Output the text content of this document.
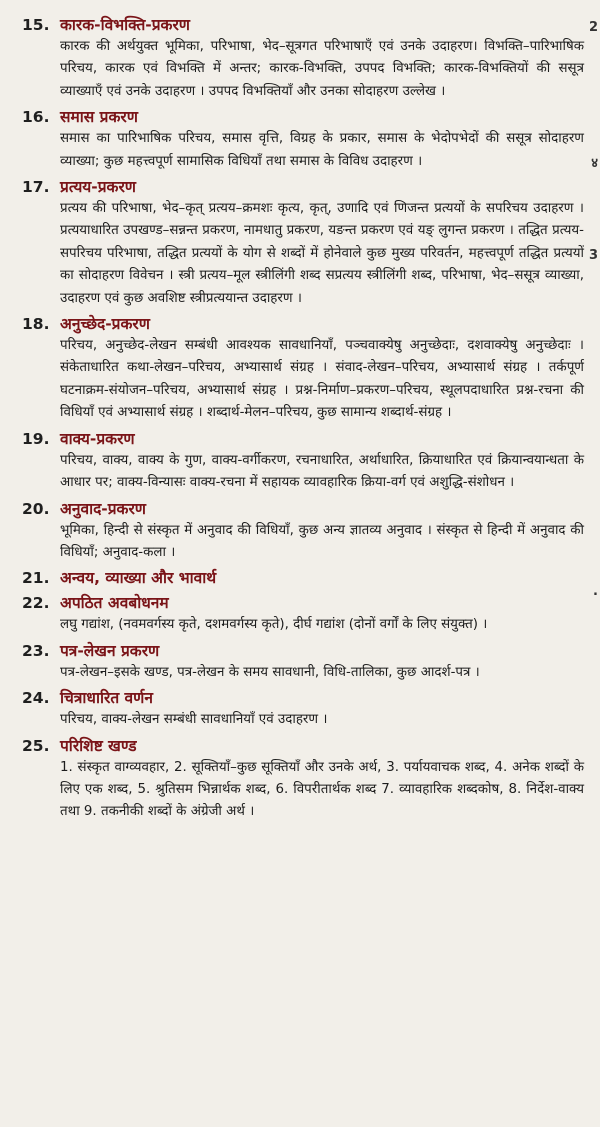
2
४
3
.
15. कारक-विभक्ति-प्रकरण
कारक की अर्थयुक्त भूमिका, परिभाषा, भेद–सूत्रगत परिभाषाएँ एवं उनके उदाहरण। विभक्ति–पारिभाषिक परिचय, कारक एवं विभक्ति में अन्तर; कारक-विभक्ति, उपपद विभक्ति; कारक-विभक्तियों की ससूत्र व्याख्याएँ एवं उनके उदाहरण । उपपद विभक्तियाँ और उनका सोदाहरण उल्लेख ।
16. समास प्रकरण
समास का पारिभाषिक परिचय, समास वृत्ति, विग्रह के प्रकार, समास के भेदोपभेदों की ससूत्र सोदाहरण व्याख्या; कुछ महत्त्वपूर्ण सामासिक विधियाँ तथा समास के विविध उदाहरण ।
17. प्रत्यय-प्रकरण
प्रत्यय की परिभाषा, भेद–कृत् प्रत्यय–क्रमशः कृत्य, कृत्, उणादि एवं णिजन्त प्रत्ययों के सपरिचय उदाहरण । प्रत्ययाधारित उपखण्ड–सन्नन्त प्रकरण, नामधातु प्रकरण, यङन्त प्रकरण एवं यङ् लुगन्त प्रकरण । तद्धित प्रत्यय-सपरिचय परिभाषा, तद्धित प्रत्ययों के योग से शब्दों में होनेवाले कुछ मुख्य परिवर्तन, महत्त्वपूर्ण तद्धित प्रत्ययों का सोदाहरण विवेचन । स्त्री प्रत्यय–मूल स्त्रीलिंगी शब्द सप्रत्यय स्त्रीलिंगी शब्द, परिभाषा, भेद–ससूत्र व्याख्या, उदाहरण एवं कुछ अवशिष्ट स्त्रीप्रत्ययान्त उदाहरण ।
18. अनुच्छेद-प्रकरण
परिचय, अनुच्छेद-लेखन सम्बंधी आवश्यक सावधानियाँ, पञ्चवाक्येषु अनुच्छेदाः, दशवाक्येषु अनुच्छेदाः । संकेताधारित कथा-लेखन–परिचय, अभ्यासार्थ संग्रह । संवाद-लेखन–परिचय, अभ्यासार्थ संग्रह । तर्कपूर्ण घटनाक्रम-संयोजन–परिचय, अभ्यासार्थ संग्रह । प्रश्न-निर्माण–प्रकरण–परिचय, स्थूलपदाधारित प्रश्न-रचना की विधियाँ एवं अभ्यासार्थ संग्रह । शब्दार्थ-मेलन–परिचय, कुछ सामान्य शब्दार्थ-संग्रह ।
19. वाक्य-प्रकरण
परिचय, वाक्य, वाक्य के गुण, वाक्य-वर्गीकरण, रचनाधारित, अर्थाधारित, क्रियाधारित एवं क्रियान्वयान्धता के आधार पर; वाक्य-विन्यासः वाक्य-रचना में सहायक व्यावहारिक क्रिया-वर्ग एवं अशुद्धि-संशोधन ।
20. अनुवाद-प्रकरण
भूमिका, हिन्दी से संस्कृत में अनुवाद की विधियाँ, कुछ अन्य ज्ञातव्य अनुवाद । संस्कृत से हिन्दी में अनुवाद की विधियाँ; अनुवाद-कला ।
21. अन्वय, व्याख्या और भावार्थ
22. अपठित अवबोधनम
लघु गद्यांश, (नवमवर्गस्य कृते, दशमवर्गस्य कृते), दीर्घ गद्यांश (दोनों वर्गों के लिए संयुक्त) ।
23. पत्र-लेखन प्रकरण
पत्र-लेखन–इसके खण्ड, पत्र-लेखन के समय सावधानी, विधि-तालिका, कुछ आदर्श-पत्र ।
24. चित्राधारित वर्णन
परिचय, वाक्य-लेखन सम्बंधी सावधानियाँ एवं उदाहरण ।
25. परिशिष्ट खण्ड
1. संस्कृत वाग्व्यवहार, 2. सूक्तियाँ–कुछ सूक्तियाँ और उनके अर्थ, 3. पर्यायवाचक शब्द, 4. अनेक शब्दों के लिए एक शब्द, 5. श्रुतिसम भिन्नार्थक शब्द, 6. विपरीतार्थक शब्द 7. व्यावहारिक शब्दकोष, 8. निर्देश-वाक्य तथा 9. तकनीकी शब्दों के अंग्रेजी अर्थ ।
